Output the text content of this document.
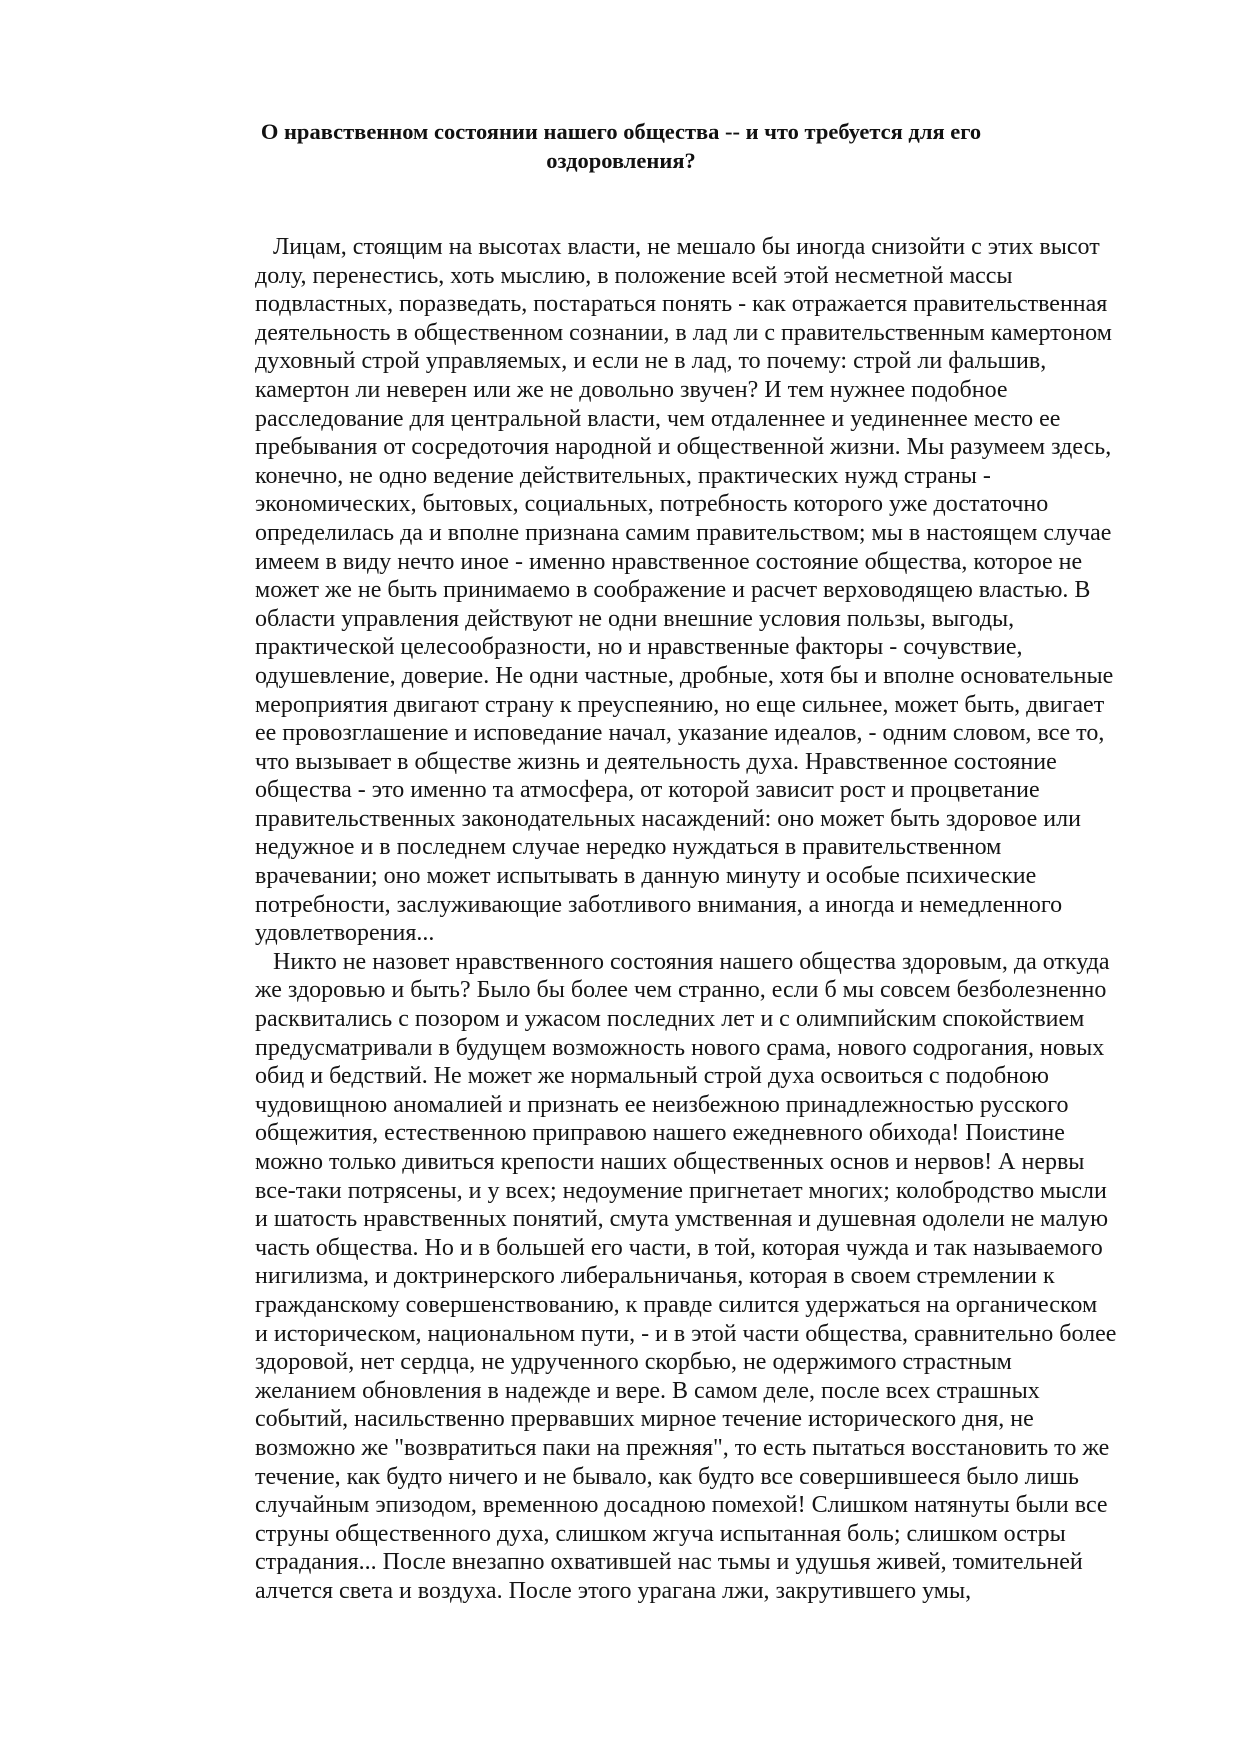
О нравственном состоянии нашего общества -- и что требуется для его
оздоровления?
Лицам, стоящим на высотах власти, не мешало бы иногда снизойти с этих высот
долу, перенестись, хоть мыслию, в положение всей этой несметной массы
подвластных, поразведать, постараться понять - как отражается правительственная
деятельность в общественном сознании, в лад ли с правительственным камертоном
духовный строй управляемых, и если не в лад, то почему: строй ли фальшив,
камертон ли неверен или же не довольно звучен? И тем нужнее подобное
расследование для центральной власти, чем отдаленнее и уединеннее место ее
пребывания от сосредоточия народной и общественной жизни. Мы разумеем здесь,
конечно, не одно ведение действительных, практических нужд страны -
экономических, бытовых, социальных, потребность которого уже достаточно
определилась да и вполне признана самим правительством; мы в настоящем случае
имеем в виду нечто иное - именно нравственное состояние общества, которое не
может же не быть принимаемо в соображение и расчет верховодящею властью. В
области управления действуют не одни внешние условия пользы, выгоды,
практической целесообразности, но и нравственные факторы - сочувствие,
одушевление, доверие. Не одни частные, дробные, хотя бы и вполне основательные
мероприятия двигают страну к преуспеянию, но еще сильнее, может быть, двигает
ее провозглашение и исповедание начал, указание идеалов, - одним словом, все то,
что вызывает в обществе жизнь и деятельность духа. Нравственное состояние
общества - это именно та атмосфера, от которой зависит рост и процветание
правительственных законодательных насаждений: оно может быть здоровое или
недужное и в последнем случае нередко нуждаться в правительственном
врачевании; оно может испытывать в данную минуту и особые психические
потребности, заслуживающие заботливого внимания, а иногда и немедленного
удовлетворения...
Никто не назовет нравственного состояния нашего общества здоровым, да откуда
же здоровью и быть? Было бы более чем странно, если б мы совсем безболезненно
расквитались с позором и ужасом последних лет и с олимпийским спокойствием
предусматривали в будущем возможность нового срама, нового содрогания, новых
обид и бедствий. Не может же нормальный строй духа освоиться с подобною
чудовищною аномалией и признать ее неизбежною принадлежностью русского
общежития, естественною приправою нашего ежедневного обихода! Поистине
можно только дивиться крепости наших общественных основ и нервов! А нервы
все-таки потрясены, и у всех; недоумение пригнетает многих; колобродство мысли
и шатость нравственных понятий, смута умственная и душевная одолели не малую
часть общества. Но и в большей его части, в той, которая чужда и так называемого
нигилизма, и доктринерского либеральничанья, которая в своем стремлении к
гражданскому совершенствованию, к правде силится удержаться на органическом
и историческом, национальном пути, - и в этой части общества, сравнительно более
здоровой, нет сердца, не удрученного скорбью, не одержимого страстным
желанием обновления в надежде и вере. В самом деле, после всех страшных
событий, насильственно прервавших мирное течение исторического дня, не
возможно же "возвратиться паки на прежняя", то есть пытаться восстановить то же
течение, как будто ничего и не бывало, как будто все совершившееся было лишь
случайным эпизодом, временною досадною помехой! Слишком натянуты были все
струны общественного духа, слишком жгуча испытанная боль; слишком остры
страдания... После внезапно охватившей нас тьмы и удушья живей, томительней
алчется света и воздуха. После этого урагана лжи, закрутившего умы,
